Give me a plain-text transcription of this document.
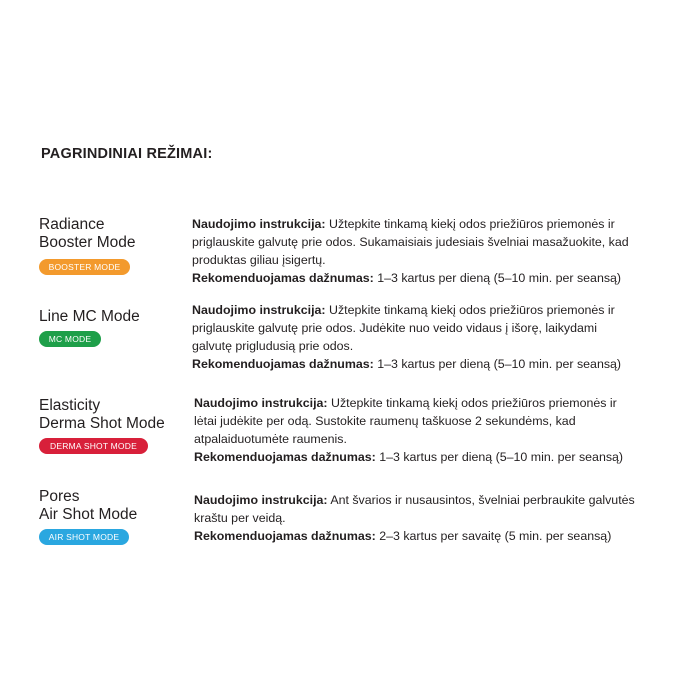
PAGRINDINIAI REŽIMAI:
Radiance
Booster Mode
BOOSTER MODE
Naudojimo instrukcija: Užtepkite tinkamą kiekį odos priežiūros priemonės ir
priglauskite galvutę prie odos. Sukamaisiais judesiais švelniai masažuokite, kad
produktas giliau įsigertų.
Rekomenduojamas dažnumas: 1–3 kartus per dieną (5–10 min. per seansą)
Line MC Mode
MC MODE
Naudojimo instrukcija: Užtepkite tinkamą kiekį odos priežiūros priemonės ir
priglauskite galvutę prie odos. Judėkite nuo veido vidaus į išorę, laikydami
galvutę prigludusią prie odos.
Rekomenduojamas dažnumas: 1–3 kartus per dieną (5–10 min. per seansą)
Elasticity
Derma Shot Mode
DERMA SHOT MODE
Naudojimo instrukcija: Užtepkite tinkamą kiekį odos priežiūros priemonės ir
lėtai judėkite per odą. Sustokite raumenų taškuose 2 sekundėms, kad
atpalaiduotumėte raumenis.
Rekomenduojamas dažnumas: 1–3 kartus per dieną (5–10 min. per seansą)
Pores
Air Shot Mode
AIR SHOT MODE
Naudojimo instrukcija: Ant švarios ir nusausintos, švelniai perbraukite galvutės
kraštu per veidą.
Rekomenduojamas dažnumas: 2–3 kartus per savaitę (5 min. per seansą)
